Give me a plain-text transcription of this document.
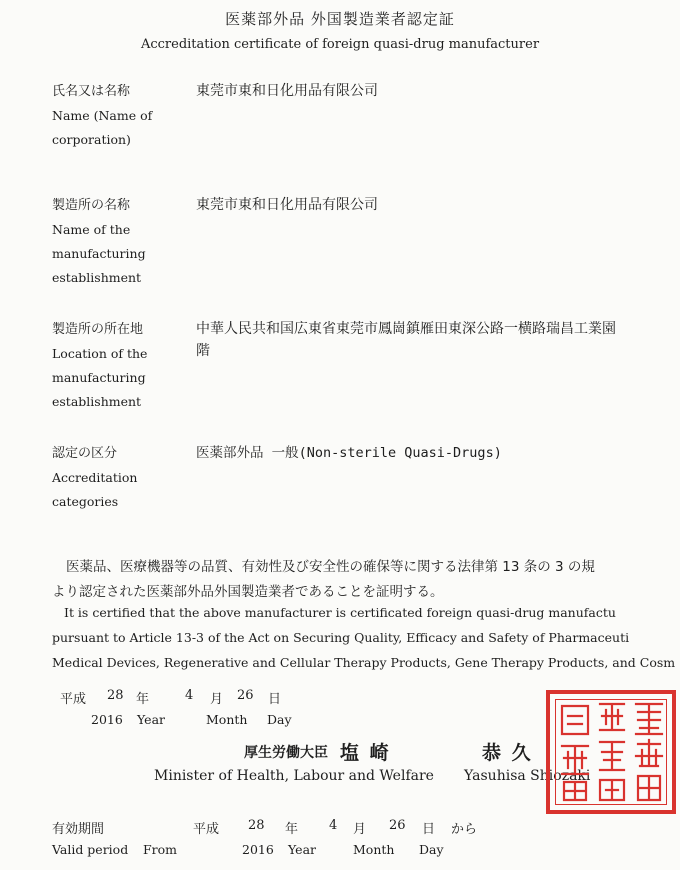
医薬部外品 外国製造業者認定証
Accreditation certificate of foreign quasi-drug manufacturer
氏名又は名称
Name (Name of
corporation)
東莞市東和日化用品有限公司
製造所の名称
Name of the
manufacturing
establishment
東莞市東和日化用品有限公司
製造所の所在地
Location of the
manufacturing
establishment
中華人民共和国広東省東莞市鳳崗鎮雁田東深公路一横路瑞昌工業園
階
認定の区分
Accreditation
categories
医薬部外品 一般(Non-sterile Quasi-Drugs)
医薬品、医療機器等の品質、有効性及び安全性の確保等に関する法律第 13 条の 3 の規
より認定された医薬部外品外国製造業者であることを証明する。
It is certified that the above manufacturer is certificated foreign quasi-drug manufactu
pursuant to Article 13-3 of the Act on Securing Quality, Efficacy and Safety of Pharmaceuti
Medical Devices, Regenerative and Cellular Therapy Products, Gene Therapy Products, and Cosm
平成 28 年	4 月 26 日
2016 Year	Month Day
厚生労働大臣 塩 崎	恭 久
Minister of Health, Labour and Welfare Yasuhisa Shiozaki
有効期間	平成 28 年 4 月 26 日 から
Valid period From	2016 Year	Month Day
